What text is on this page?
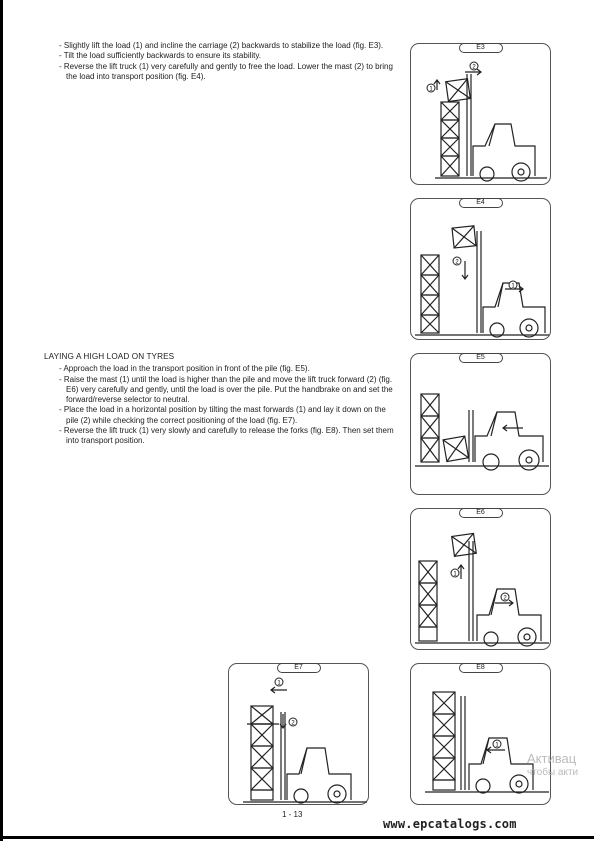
- Slightly lift the load (1) and incline the carriage (2) backwards to stabilize the load (fig. E3).

- Tilt the load sufficiently backwards to ensure its stability.

- Reverse the lift truck (1) very carefully and gently to free the load. Lower the mast (2) to bring the load into transport position (fig. E4).

LAYING A HIGH LOAD ON TYRES

- Approach the load in the transport position in front of the pile (fig. E5).

- Raise the mast (1) until the load is higher than the pile and move the lift truck forward (2) (fig. E6) very carefully and gently, until the load is over the pile. Put the handbrake on and set the forward/reverse selector to neutral.

- Place the load in a horizontal position by tilting the mast forwards (1) and lay it down on the pile (2) while checking the correct positioning of the load (fig. E7).

- Reverse the lift truck (1) very slowly and carefully to release the forks (fig. E8). Then set them into transport position.

2
1
E3
2
1
E4
E5
1
2
E6
1
2
E7
1
E8
Активац
чтобы акти
1 - 13
www.epcatalogs.com
